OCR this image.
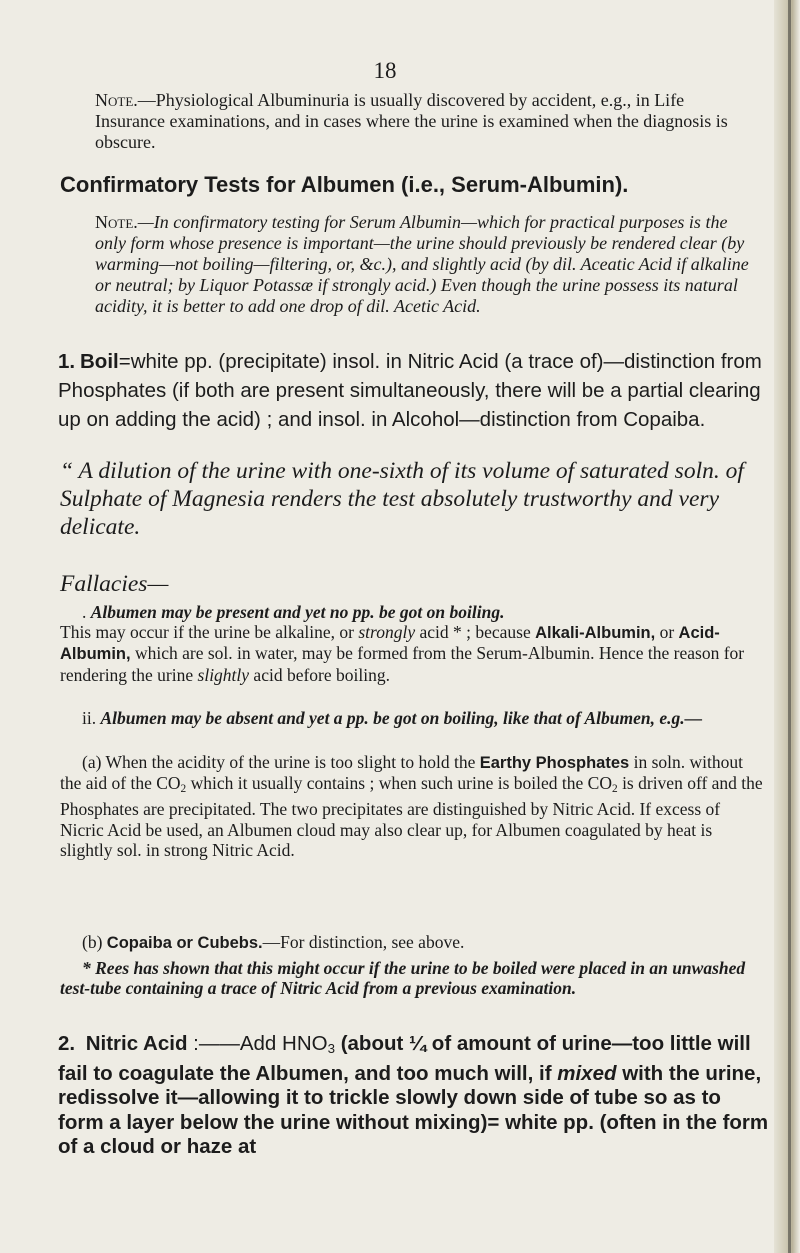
18

Note.—Physiological Albuminuria is usually discovered by accident, e.g., in Life Insurance examinations, and in cases where the urine is examined when the diagnosis is obscure.

Confirmatory Tests for Albumen (i.e., Serum-Albumin).

Note.—In confirmatory testing for Serum Albumin—which for practical purposes is the only form whose presence is important—the urine should previously be rendered clear (by warming—not boiling—filtering, or, &c.), and slightly acid (by dil. Aceatic Acid if alkaline or neutral; by Liquor Potassæ if strongly acid.) Even though the urine possess its natural acidity, it is better to add one drop of dil. Acetic Acid.

1. Boil=white pp. (precipitate) insol. in Nitric Acid (a trace of)—distinction from Phosphates (if both are present simultaneously, there will be a partial clearing up on adding the acid) ; and insol. in Alcohol—distinction from Copaiba.

“ A dilution of the urine with one-sixth of its volume of saturated soln. of Sulphate of Magnesia renders the test absolutely trustworthy and very delicate.

Fallacies—

. Albumen may be present and yet no pp. be got on boiling.
This may occur if the urine be alkaline, or strongly acid * ; because Alkali-Albumin, or Acid-Albumin, which are sol. in water, may be formed from the Serum-Albumin. Hence the reason for rendering the urine slightly acid before boiling.

ii. Albumen may be absent and yet a pp. be got on boiling, like that of Albumen, e.g.—

(a) When the acidity of the urine is too slight to hold the Earthy Phosphates in soln. without the aid of the $CO_2$ which it usually contains ; when such urine is boiled the $CO_2$ is driven off and the Phosphates are precipitated. The two precipitates are distinguished by Nitric Acid. If excess of Nicric Acid be used, an Albumen cloud may also clear up, for Albumen coagulated by heat is slightly sol. in strong Nitric Acid.

(b) Copaiba or Cubebs.—For distinction, see above.

* Rees has shown that this might occur if the urine to be boiled were placed in an unwashed test-tube containing a trace of Nitric Acid from a previous examination.

2. Nitric Acid :——Add $HNO_3$ (about ¼ of amount of urine—too little will fail to coagulate the Albumen, and too much will, if mixed with the urine, redissolve it—allowing it to trickle slowly down side of tube so as to form a layer below the urine without mixing)= white pp. (often in the form of a cloud or haze at
